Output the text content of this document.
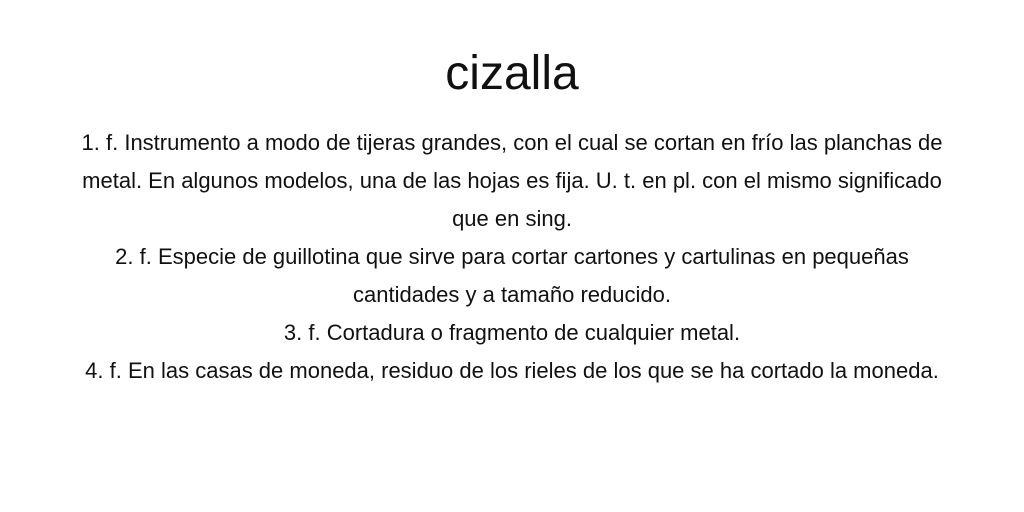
cizalla

1. f. Instrumento a modo de tijeras grandes, con el cual se cortan en frío las planchas de metal. En algunos modelos, una de las hojas es fija. U. t. en pl. con el mismo significado que en sing.

2. f. Especie de guillotina que sirve para cortar cartones y cartulinas en pequeñas cantidades y a tamaño reducido.

3. f. Cortadura o fragmento de cualquier metal.

4. f. En las casas de moneda, residuo de los rieles de los que se ha cortado la moneda.
